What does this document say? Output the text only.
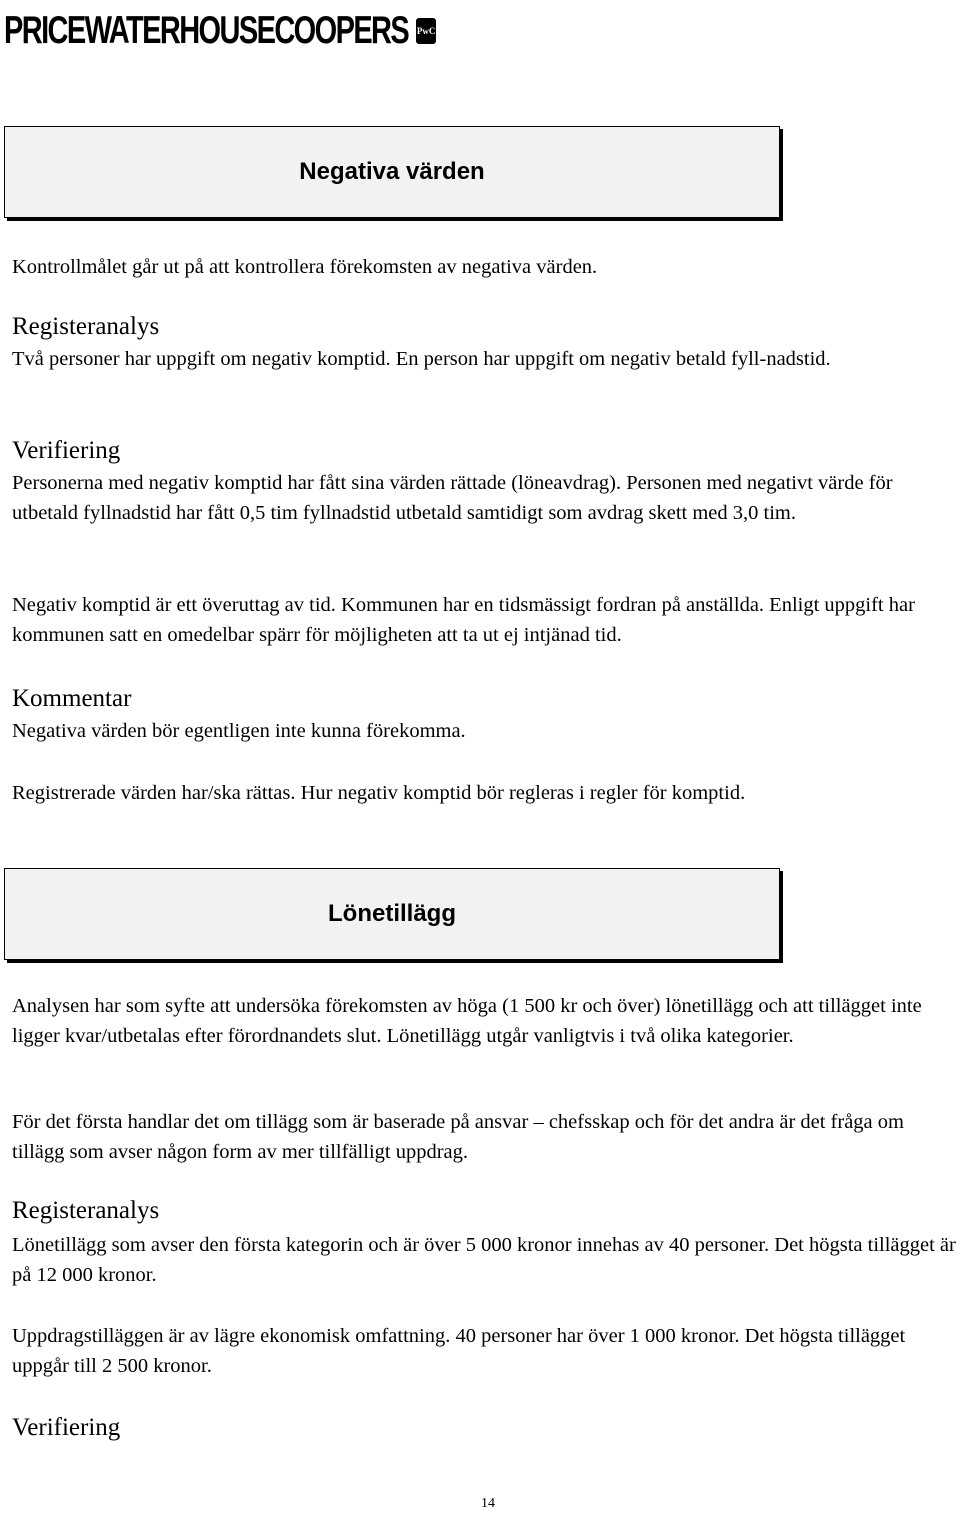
PRICEWATERHOUSECOOPERS PwC
Negativa värden

Kontrollmålet går ut på att kontrollera förekomsten av negativa värden.

Registeranalys

Två personer har uppgift om negativ komptid. En person har uppgift om negativ betald fyll-nadstid.

Verifiering

Personerna med negativ komptid har fått sina värden rättade (löneavdrag). Personen med negativt värde för utbetald fyllnadstid har fått 0,5 tim fyllnadstid utbetald samtidigt som avdrag skett med 3,0 tim.

Negativ komptid är ett överuttag av tid. Kommunen har en tidsmässigt fordran på anställda. Enligt uppgift har kommunen satt en omedelbar spärr för möjligheten att ta ut ej intjänad tid.

Kommentar

Negativa värden bör egentligen inte kunna förekomma.

Registrerade värden har/ska rättas. Hur negativ komptid bör regleras i regler för komptid.

Lönetillägg

Analysen har som syfte att undersöka förekomsten av höga (1 500 kr och över) lönetillägg och att tillägget inte ligger kvar/utbetalas efter förordnandets slut. Lönetillägg utgår vanligtvis i två olika kategorier.

För det första handlar det om tillägg som är baserade på ansvar – chefsskap och för det andra är det fråga om tillägg som avser någon form av mer tillfälligt uppdrag.

Registeranalys

Lönetillägg som avser den första kategorin och är över 5 000 kronor innehas av 40 personer. Det högsta tillägget är på 12 000 kronor.

Uppdragstilläggen är av lägre ekonomisk omfattning. 40 personer har över 1 000 kronor. Det högsta tillägget uppgår till 2 500 kronor.

Verifiering
14
